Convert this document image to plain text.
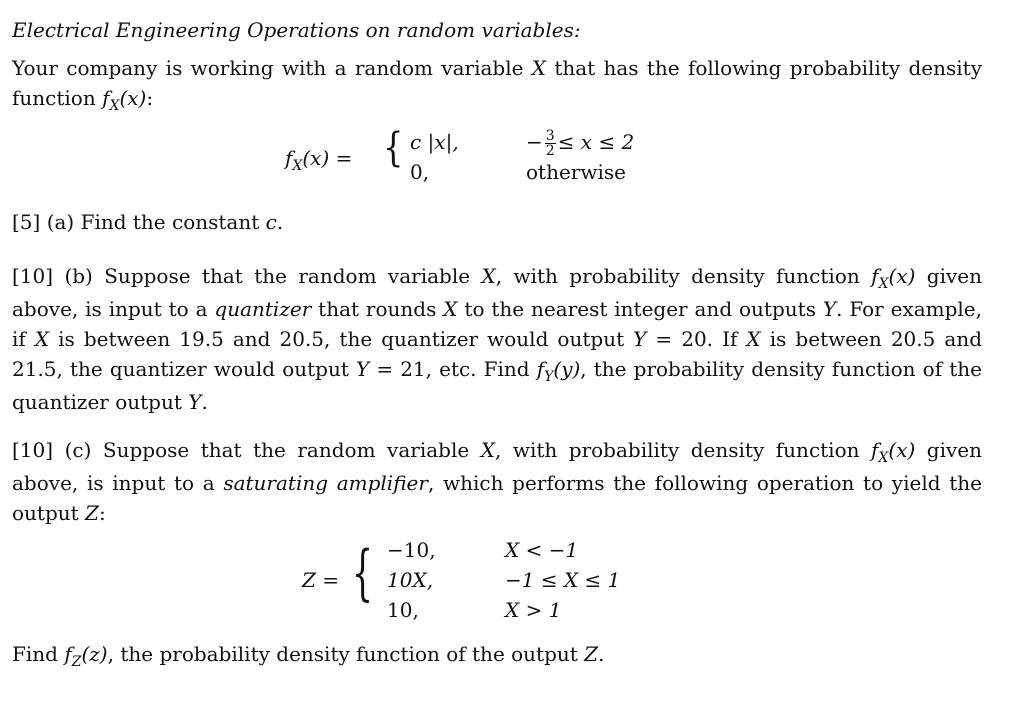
Electrical Engineering Operations on random variables:

Your company is working with a random variable X that has the following probability density function $f_X(x)$:

$f_X(x)$ = { c |x|,	− $\frac{3}{2} \le x \le 2$
0,	otherwise

[5] (a) Find the constant c.

[10] (b) Suppose that the random variable X, with probability density function $f_X(x)$ given above, is input to a quantizer that rounds X to the nearest integer and outputs Y. For example, if X is between 19.5 and 20.5, the quantizer would output Y = 20. If X is between 20.5 and 21.5, the quantizer would output Y = 21, etc. Find $f_Y(y)$, the probability density function of the quantizer output Y.

[10] (c) Suppose that the random variable X, with probability density function $f_X(x)$ given above, is input to a saturating amplifier, which performs the following operation to yield the output Z:

Z = { −10,	X < −1
10X,	−1 ≤ X ≤ 1
10,	X > 1

Find $f_Z(z)$, the probability density function of the output Z.
